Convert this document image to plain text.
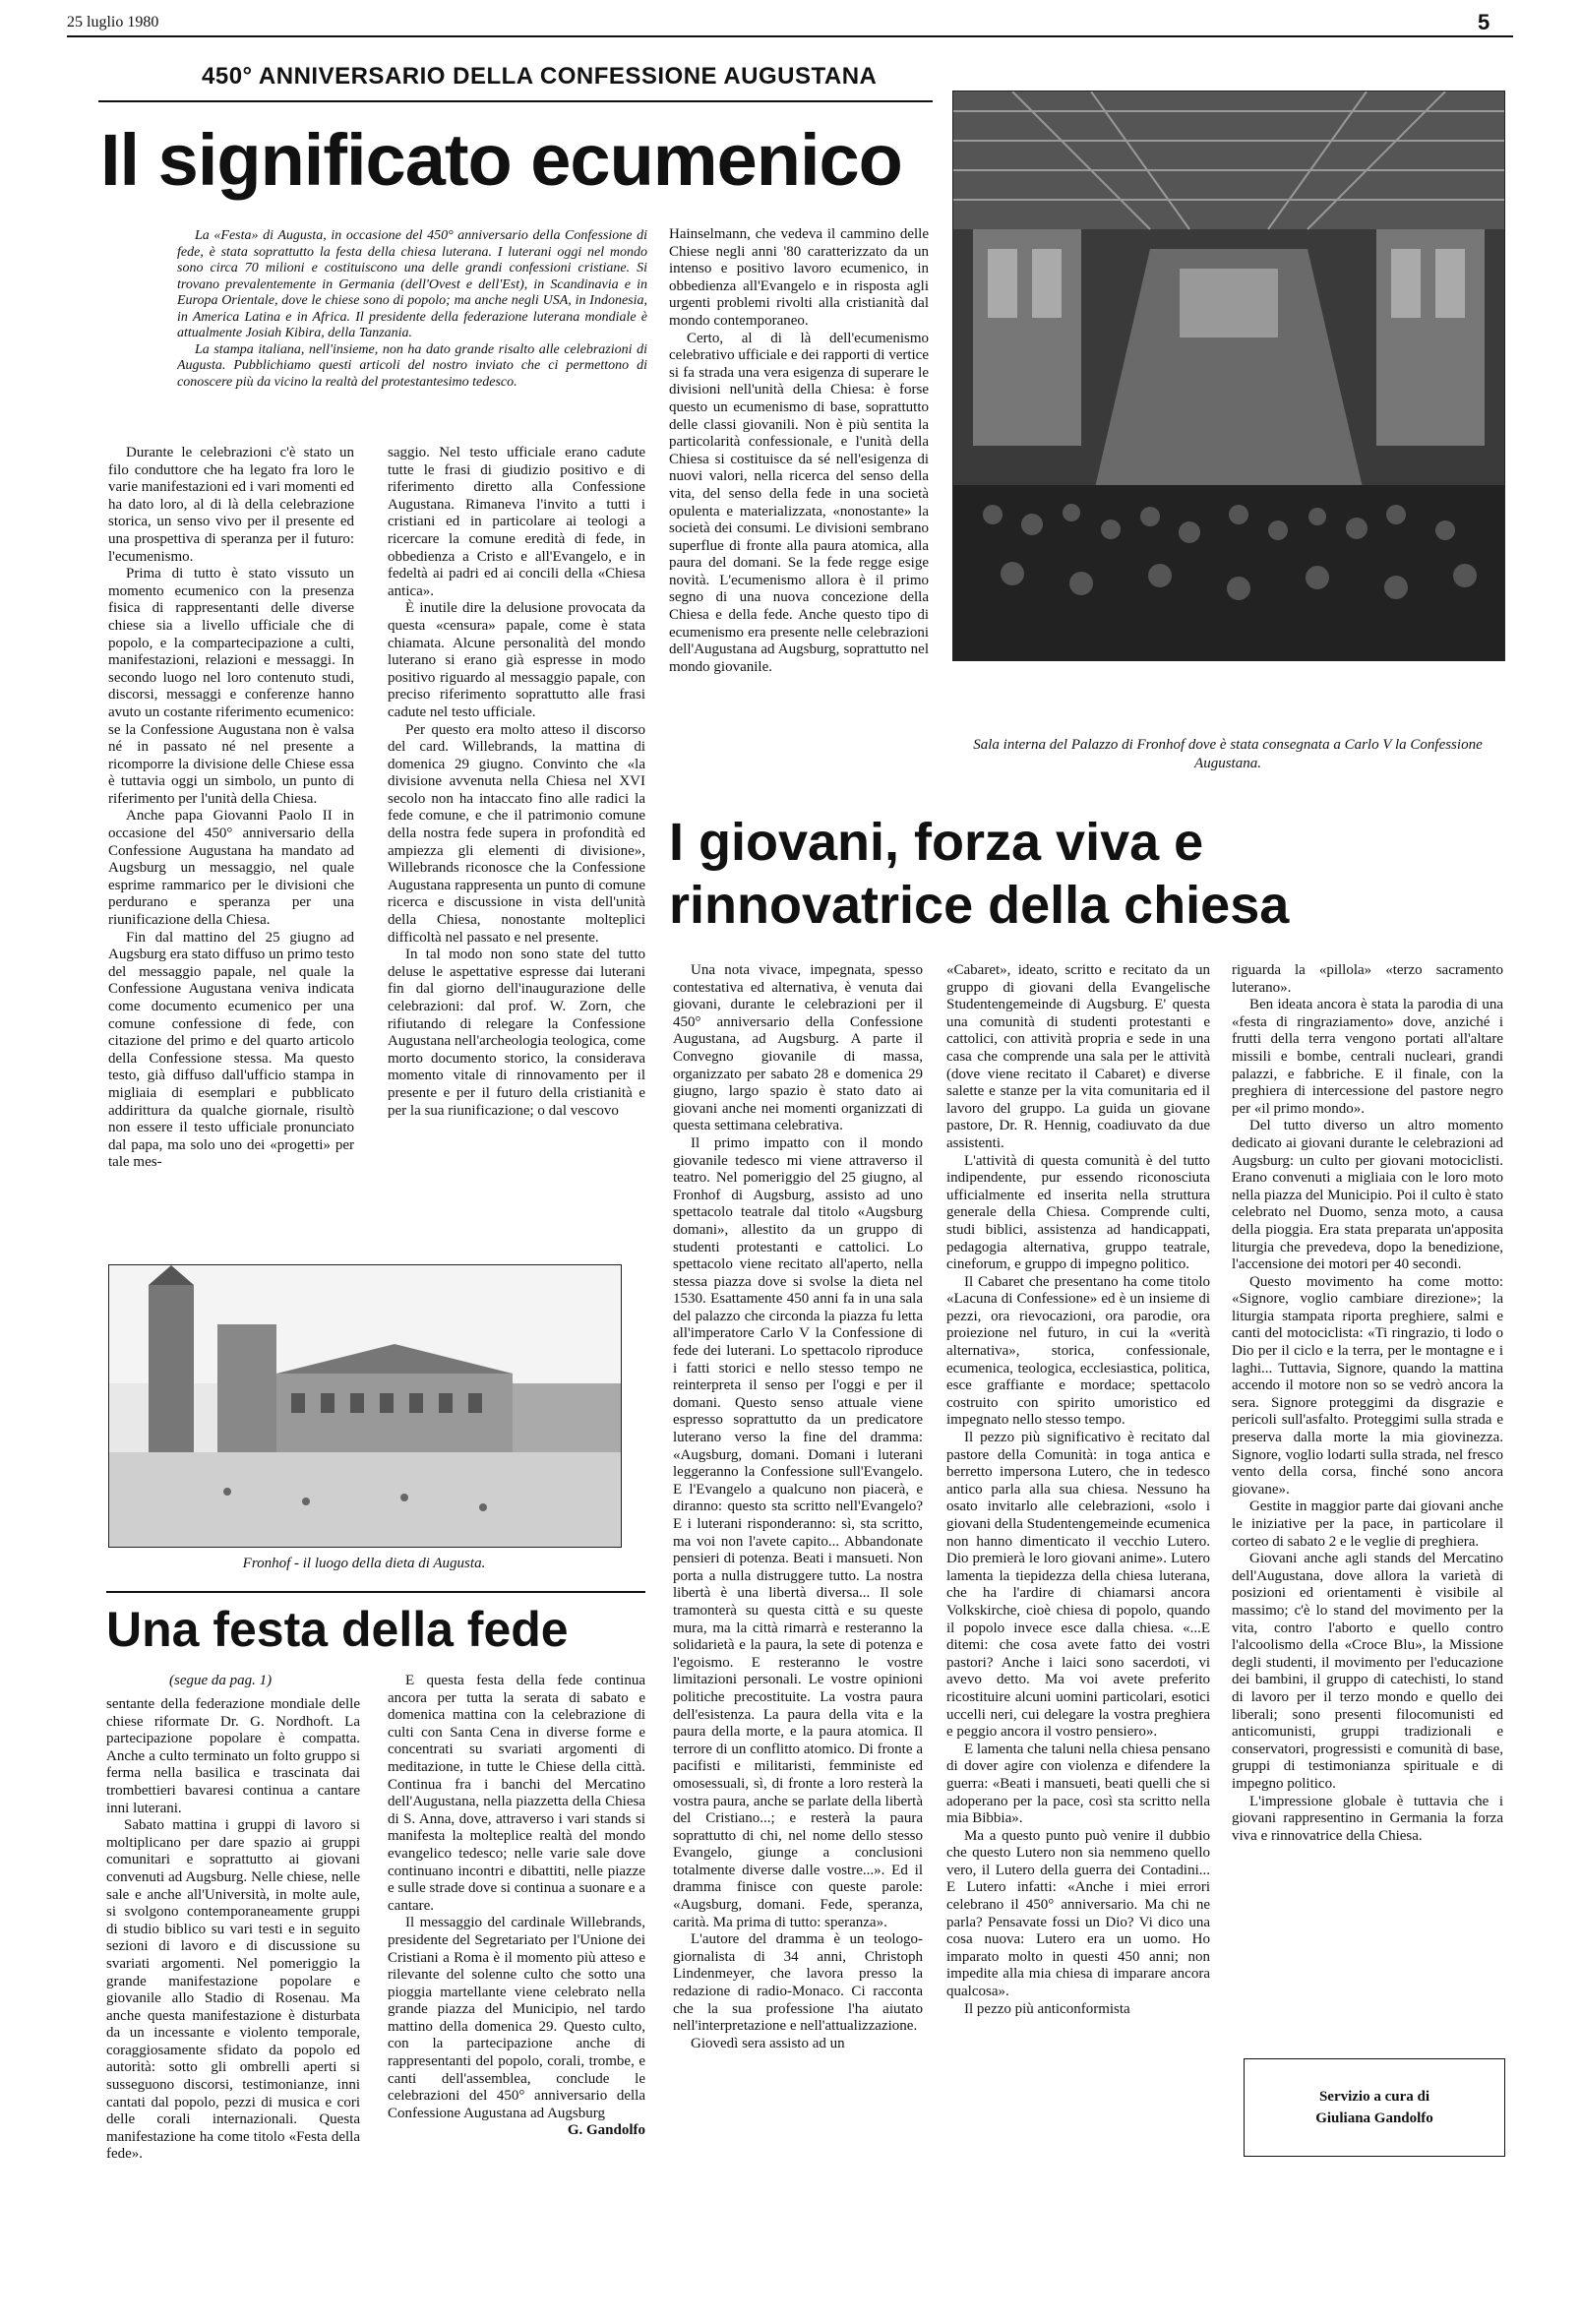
25 luglio 1980	5
450° ANNIVERSARIO DELLA CONFESSIONE AUGUSTANA
Il significato ecumenico

La «Festa» di Augusta, in occasione del 450° anniversario della Confessione di fede, è stata soprattutto la festa della chiesa luterana. I luterani oggi nel mondo sono circa 70 milioni e costituiscono una delle grandi confessioni cristiane. Si trovano prevalentemente in Germania (dell'Ovest e dell'Est), in Scandinavia e in Europa Orientale, dove le chiese sono di popolo; ma anche negli USA, in Indonesia, in America Latina e in Africa. Il presidente della federazione luterana mondiale è attualmente Josiah Kibira, della Tanzania.

La stampa italiana, nell'insieme, non ha dato grande risalto alle celebrazioni di Augusta. Pubblichiamo questi articoli del nostro inviato che ci permettono di conoscere più da vicino la realtà del protestantesimo tedesco.

Durante le celebrazioni c'è stato un filo conduttore che ha legato fra loro le varie manifestazioni ed i vari momenti ed ha dato loro, al di là della celebrazione storica, un senso vivo per il presente ed una prospettiva di speranza per il futuro: l'ecumenismo.

Prima di tutto è stato vissuto un momento ecumenico con la presenza fisica di rappresentanti delle diverse chiese sia a livello ufficiale che di popolo, e la compartecipazione a culti, manifestazioni, relazioni e messaggi. In secondo luogo nel loro contenuto studi, discorsi, messaggi e conferenze hanno avuto un costante riferimento ecumenico: se la Confessione Augustana non è valsa né in passato né nel presente a ricomporre la divisione delle Chiese essa è tuttavia oggi un simbolo, un punto di riferimento per l'unità della Chiesa.

Anche papa Giovanni Paolo II in occasione del 450° anniversario della Confessione Augustana ha mandato ad Augsburg un messaggio, nel quale esprime rammarico per le divisioni che perdurano e speranza per una riunificazione della Chiesa.

Fin dal mattino del 25 giugno ad Augsburg era stato diffuso un primo testo del messaggio papale, nel quale la Confessione Augustana veniva indicata come documento ecumenico per una comune confessione di fede, con citazione del primo e del quarto articolo della Confessione stessa. Ma questo testo, già diffuso dall'ufficio stampa in migliaia di esemplari e pubblicato addirittura da qualche giornale, risultò non essere il testo ufficiale pronunciato dal papa, ma solo uno dei «progetti» per tale mes-

saggio. Nel testo ufficiale erano cadute tutte le frasi di giudizio positivo e di riferimento diretto alla Confessione Augustana. Rimaneva l'invito a tutti i cristiani ed in particolare ai teologi a ricercare la comune eredità di fede, in obbedienza a Cristo e all'Evangelo, e in fedeltà ai padri ed ai concili della «Chiesa antica».

È inutile dire la delusione provocata da questa «censura» papale, come è stata chiamata. Alcune personalità del mondo luterano si erano già espresse in modo positivo riguardo al messaggio papale, con preciso riferimento soprattutto alle frasi cadute nel testo ufficiale.

Per questo era molto atteso il discorso del card. Willebrands, la mattina di domenica 29 giugno. Convinto che «la divisione avvenuta nella Chiesa nel XVI secolo non ha intaccato fino alle radici la fede comune, e che il patrimonio comune della nostra fede supera in profondità ed ampiezza gli elementi di divisione», Willebrands riconosce che la Confessione Augustana rappresenta un punto di comune ricerca e discussione in vista dell'unità della Chiesa, nonostante molteplici difficoltà nel passato e nel presente.

In tal modo non sono state del tutto deluse le aspettative espresse dai luterani fin dal giorno dell'inaugurazione delle celebrazioni: dal prof. W. Zorn, che rifiutando di relegare la Confessione Augustana nell'archeologia teologica, come morto documento storico, la considerava momento vitale di rinnovamento per il presente e per il futuro della cristianità e per la sua riunificazione; o dal vescovo

Hainselmann, che vedeva il cammino delle Chiese negli anni '80 caratterizzato da un intenso e positivo lavoro ecumenico, in obbedienza all'Evangelo e in risposta agli urgenti problemi rivolti alla cristianità dal mondo contemporaneo.

Certo, al di là dell'ecumenismo celebrativo ufficiale e dei rapporti di vertice si fa strada una vera esigenza di superare le divisioni nell'unità della Chiesa: è forse questo un ecumenismo di base, soprattutto delle classi giovanili. Non è più sentita la particolarità confessionale, e l'unità della Chiesa si costituisce da sé nell'esigenza di nuovi valori, nella ricerca del senso della vita, del senso della fede in una società opulenta e materializzata, «nonostante» la società dei consumi. Le divisioni sembrano superflue di fronte alla paura atomica, alla paura del domani. Se la fede regge esige novità. L'ecumenismo allora è il primo segno di una nuova concezione della Chiesa e della fede. Anche questo tipo di ecumenismo era presente nelle celebrazioni dell'Augustana ad Augsburg, soprattutto nel mondo giovanile.

Sala interna del Palazzo di Fronhof dove è stata consegnata a Carlo V la Confessione Augustana.
Fronhof - il luogo della dieta di Augusta.
I giovani, forza viva e
rinnovatrice della chiesa

Una nota vivace, impegnata, spesso contestativa ed alternativa, è venuta dai giovani, durante le celebrazioni per il 450° anniversario della Confessione Augustana, ad Augsburg. A parte il Convegno giovanile di massa, organizzato per sabato 28 e domenica 29 giugno, largo spazio è stato dato ai giovani anche nei momenti organizzati di questa settimana celebrativa.

Il primo impatto con il mondo giovanile tedesco mi viene attraverso il teatro. Nel pomeriggio del 25 giugno, al Fronhof di Augsburg, assisto ad uno spettacolo teatrale dal titolo «Augsburg domani», allestito da un gruppo di studenti protestanti e cattolici. Lo spettacolo viene recitato all'aperto, nella stessa piazza dove si svolse la dieta nel 1530. Esattamente 450 anni fa in una sala del palazzo che circonda la piazza fu letta all'imperatore Carlo V la Confessione di fede dei luterani. Lo spettacolo riproduce i fatti storici e nello stesso tempo ne reinterpreta il senso per l'oggi e per il domani. Questo senso attuale viene espresso soprattutto da un predicatore luterano verso la fine del dramma: «Augsburg, domani. Domani i luterani leggeranno la Confessione sull'Evangelo. E l'Evangelo a qualcuno non piacerà, e diranno: questo sta scritto nell'Evangelo? E i luterani risponderanno: sì, sta scritto, ma voi non l'avete capito... Abbandonate pensieri di potenza. Beati i mansueti. Non porta a nulla distruggere tutto. La nostra libertà è una libertà diversa... Il sole tramonterà su questa città e su queste mura, ma la città rimarrà e resteranno la solidarietà e la paura, la sete di potenza e l'egoismo. E resteranno le vostre limitazioni personali. Le vostre opinioni politiche precostituite. La vostra paura dell'esistenza. La paura della vita e la paura della morte, e la paura atomica. Il terrore di un conflitto atomico. Di fronte a pacifisti e militaristi, femministe ed omosessuali, sì, di fronte a loro resterà la vostra paura, anche se parlate della libertà del Cristiano...; e resterà la paura soprattutto di chi, nel nome dello stesso Evangelo, giunge a conclusioni totalmente diverse dalle vostre...». Ed il dramma finisce con queste parole: «Augsburg, domani. Fede, speranza, carità. Ma prima di tutto: speranza».

L'autore del dramma è un teologo-giornalista di 34 anni, Christoph Lindenmeyer, che lavora presso la redazione di radio-Monaco. Ci racconta che la sua professione l'ha aiutato nell'interpretazione e nell'attualizzazione.

Giovedì sera assisto ad un

«Cabaret», ideato, scritto e recitato da un gruppo di giovani della Evangelische Studentengemeinde di Augsburg. E' questa una comunità di studenti protestanti e cattolici, con attività propria e sede in una casa che comprende una sala per le attività (dove viene recitato il Cabaret) e diverse salette e stanze per la vita comunitaria ed il lavoro del gruppo. La guida un giovane pastore, Dr. R. Hennig, coadiuvato da due assistenti.

L'attività di questa comunità è del tutto indipendente, pur essendo riconosciuta ufficialmente ed inserita nella struttura generale della Chiesa. Comprende culti, studi biblici, assistenza ad handicappati, pedagogia alternativa, gruppo teatrale, cineforum, e gruppo di impegno politico.

Il Cabaret che presentano ha come titolo «Lacuna di Confessione» ed è un insieme di pezzi, ora rievocazioni, ora parodie, ora proiezione nel futuro, in cui la «verità alternativa», storica, confessionale, ecumenica, teologica, ecclesiastica, politica, esce graffiante e mordace; spettacolo costruito con spirito umoristico ed impegnato nello stesso tempo.

Il pezzo più significativo è recitato dal pastore della Comunità: in toga antica e berretto impersona Lutero, che in tedesco antico parla alla sua chiesa. Nessuno ha osato invitarlo alle celebrazioni, «solo i giovani della Studentengemeinde ecumenica non hanno dimenticato il vecchio Lutero. Dio premierà le loro giovani anime». Lutero lamenta la tiepidezza della chiesa luterana, che ha l'ardire di chiamarsi ancora Volkskirche, cioè chiesa di popolo, quando il popolo invece esce dalla chiesa. «...E ditemi: che cosa avete fatto dei vostri pastori? Anche i laici sono sacerdoti, vi avevo detto. Ma voi avete preferito ricostituire alcuni uomini particolari, esotici uccelli neri, cui delegare la vostra preghiera e peggio ancora il vostro pensiero».

E lamenta che taluni nella chiesa pensano di dover agire con violenza e difendere la guerra: «Beati i mansueti, beati quelli che si adoperano per la pace, così sta scritto nella mia Bibbia».

Ma a questo punto può venire il dubbio che questo Lutero non sia nemmeno quello vero, il Lutero della guerra dei Contadini... E Lutero infatti: «Anche i miei errori celebrano il 450° anniversario. Ma chi ne parla? Pensavate fossi un Dio? Vi dico una cosa nuova: Lutero era un uomo. Ho imparato molto in questi 450 anni; non impedite alla mia chiesa di imparare ancora qualcosa».

Il pezzo più anticonformista

riguarda la «pillola» «terzo sacramento luterano».

Ben ideata ancora è stata la parodia di una «festa di ringraziamento» dove, anziché i frutti della terra vengono portati all'altare missili e bombe, centrali nucleari, grandi palazzi, e fabbriche. E il finale, con la preghiera di intercessione del pastore negro per «il primo mondo».

Del tutto diverso un altro momento dedicato ai giovani durante le celebrazioni ad Augsburg: un culto per giovani motociclisti. Erano convenuti a migliaia con le loro moto nella piazza del Municipio. Poi il culto è stato celebrato nel Duomo, senza moto, a causa della pioggia. Era stata preparata un'apposita liturgia che prevedeva, dopo la benedizione, l'accensione dei motori per 40 secondi.

Questo movimento ha come motto: «Signore, voglio cambiare direzione»; la liturgia stampata riporta preghiere, salmi e canti del motociclista: «Ti ringrazio, ti lodo o Dio per il ciclo e la terra, per le montagne e i laghi... Tuttavia, Signore, quando la mattina accendo il motore non so se vedrò ancora la sera. Signore proteggimi da disgrazie e pericoli sull'asfalto. Proteggimi sulla strada e preserva dalla morte la mia giovinezza. Signore, voglio lodarti sulla strada, nel fresco vento della corsa, finché sono ancora giovane».

Gestite in maggior parte dai giovani anche le iniziative per la pace, in particolare il corteo di sabato 2 e le veglie di preghiera.

Giovani anche agli stands del Mercatino dell'Augustana, dove allora la varietà di posizioni ed orientamenti è visibile al massimo; c'è lo stand del movimento per la vita, contro l'aborto e quello contro l'alcoolismo della «Croce Blu», la Missione degli studenti, il movimento per l'educazione dei bambini, il gruppo di catechisti, lo stand di lavoro per il terzo mondo e quello dei liberali; sono presenti filocomunisti ed anticomunisti, gruppi tradizionali e conservatori, progressisti e comunità di base, gruppi di testimonianza spirituale e di impegno politico.

L'impressione globale è tuttavia che i giovani rappresentino in Germania la forza viva e rinnovatrice della Chiesa.

Servizio a cura di
Giuliana Gandolfo
Una festa della fede
(segue da pag. 1)

sentante della federazione mondiale delle chiese riformate Dr. G. Nordhoft. La partecipazione popolare è compatta. Anche a culto terminato un folto gruppo si ferma nella basilica e trascinata dai trombettieri bavaresi continua a cantare inni luterani.

Sabato mattina i gruppi di lavoro si moltiplicano per dare spazio ai gruppi comunitari e soprattutto ai giovani convenuti ad Augsburg. Nelle chiese, nelle sale e anche all'Università, in molte aule, si svolgono contemporaneamente gruppi di studio biblico su vari testi e in seguito sezioni di lavoro e di discussione su svariati argomenti. Nel pomeriggio la grande manifestazione popolare e giovanile allo Stadio di Rosenau. Ma anche questa manifestazione è disturbata da un incessante e violento temporale, coraggiosamente sfidato da popolo ed autorità: sotto gli ombrelli aperti si susseguono discorsi, testimonianze, inni cantati dal popolo, pezzi di musica e cori delle corali internazionali. Questa manifestazione ha come titolo «Festa della fede».

E questa festa della fede continua ancora per tutta la serata di sabato e domenica mattina con la celebrazione di culti con Santa Cena in diverse forme e concentrati su svariati argomenti di meditazione, in tutte le Chiese della città. Continua fra i banchi del Mercatino dell'Augustana, nella piazzetta della Chiesa di S. Anna, dove, attraverso i vari stands si manifesta la molteplice realtà del mondo evangelico tedesco; nelle varie sale dove continuano incontri e dibattiti, nelle piazze e sulle strade dove si continua a suonare e a cantare.

Il messaggio del cardinale Willebrands, presidente del Segretariato per l'Unione dei Cristiani a Roma è il momento più atteso e rilevante del solenne culto che sotto una pioggia martellante viene celebrato nella grande piazza del Municipio, nel tardo mattino della domenica 29. Questo culto, con la partecipazione anche di rappresentanti del popolo, corali, trombe, e canti dell'assemblea, conclude le celebrazioni del 450° anniversario della Confessione Augustana ad Augsburg

G. Gandolfo
